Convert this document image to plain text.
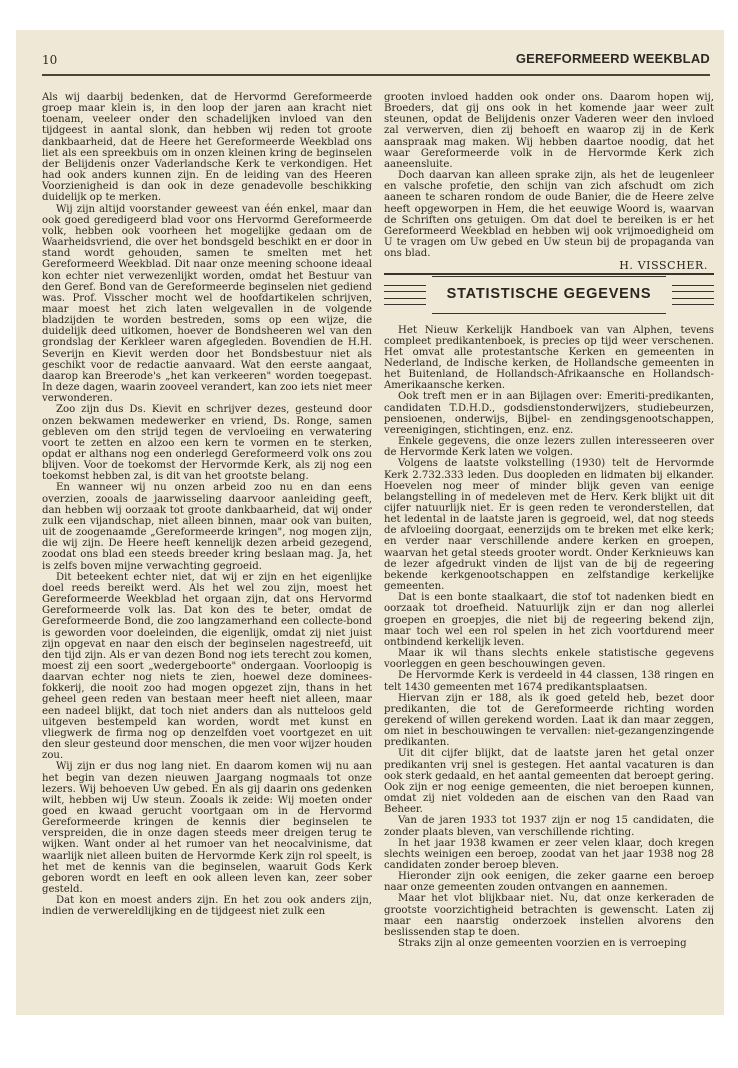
10	GEREFORMEERD WEEKBLAD

Als wij daarbij bedenken, dat de Hervormd Gereformeerde groep maar klein is, in den loop der jaren aan kracht niet toenam, veeleer onder den schadelijken invloed van den tijdgeest in aantal slonk, dan hebben wij reden tot groote dankbaarheid, dat de Heere het Gereformeerde Weekblad ons liet als een spreekbuis om in onzen kleinen kring de beginselen der Belijdenis onzer Vaderlandsche Kerk te verkondigen. Het had ook anders kunnen zijn. En de leiding van des Heeren Voorzienigheid is dan ook in deze genadevolle beschikking duidelijk op te merken.

Wij zijn altijd voorstander geweest van één enkel, maar dan ook goed geredigeerd blad voor ons Hervormd Gereformeerde volk, hebben ook voorheen het mogelijke gedaan om de Waarheidsvriend, die over het bondsgeld beschikt en er door in stand wordt gehouden, samen te smelten met het Gereformeerd Weekblad. Dit naar onze meening schoone ideaal kon echter niet verwezenlijkt worden, omdat het Bestuur van den Geref. Bond van de Gereformeerde beginselen niet gediend was. Prof. Visscher mocht wel de hoofdartikelen schrijven, maar moest het zich laten welgevallen in de volgende bladzijden te worden bestreden, soms op een wijze, die duidelijk deed uitkomen, hoever de Bondsheeren wel van den grondslag der Kerkleer waren afgegleden. Bovendien de H.H. Severijn en Kievit werden door het Bondsbestuur niet als geschikt voor de redactie aanvaard. Wat den eerste aangaat, daarop kan Breerode's „het kan verkeeren" worden toegepast. In deze dagen, waarin zooveel verandert, kan zoo iets niet meer verwonderen.

Zoo zijn dus Ds. Kievit en schrijver dezes, gesteund door onzen bekwamen medewerker en vriend, Ds. Ronge, samen gebleven om den strijd tegen de vervloeiing en verwatering voort te zetten en alzoo een kern te vormen en te sterken, opdat er althans nog een onderlegd Gereformeerd volk ons zou blijven. Voor de toekomst der Hervormde Kerk, als zij nog een toekomst hebben zal, is dit van het grootste belang.

En wanneer wij nu onzen arbeid zoo nu en dan eens overzien, zooals de jaarwisseling daarvoor aanleiding geeft, dan hebben wij oorzaak tot groote dankbaarheid, dat wij onder zulk een vijandschap, niet alleen binnen, maar ook van buiten, uit de zoogenaamde „Gereformeerde kringen", nog mogen zijn, die wij zijn. De Heere heeft kennelijk dezen arbeid gezegend, zoodat ons blad een steeds breeder kring beslaan mag. Ja, het is zelfs boven mijne verwachting gegroeid.

Dit beteekent echter niet, dat wij er zijn en het eigenlijke doel reeds bereikt werd. Als het wel zou zijn, moest het Gereformeerde Weekblad het orgaan zijn, dat ons Hervormd Gereformeerde volk las. Dat kon des te beter, omdat de Gereformeerde Bond, die zoo langzamerhand een collecte-bond is geworden voor doeleinden, die eigenlijk, omdat zij niet juist zijn opgevat en naar den eisch der beginselen nagestreefd, uit den tijd zijn. Als er van dezen Bond nog iets terecht zou komen, moest zij een soort „wedergeboorte" ondergaan. Voorloopig is daarvan echter nog niets te zien, hoewel deze dominees-fokkerij, die nooit zoo had mogen opgezet zijn, thans in het geheel geen reden van bestaan meer heeft niet alleen, maar een nadeel blijkt, dat toch niet anders dan als nutteloos geld uitgeven bestempeld kan worden, wordt met kunst en vliegwerk de firma nog op denzelfden voet voortgezet en uit den sleur gesteund door menschen, die men voor wijzer houden zou.

Wij zijn er dus nog lang niet. En daarom komen wij nu aan het begin van dezen nieuwen Jaargang nogmaals tot onze lezers. Wij behoeven Uw gebed. En als gij daarin ons gedenken wilt, hebben wij Uw steun. Zooals ik zeide: Wij moeten onder goed en kwaad gerucht voortgaan om in de Hervormd Gereformeerde kringen de kennis dier beginselen te verspreiden, die in onze dagen steeds meer dreigen terug te wijken. Want onder al het rumoer van het neocalvinisme, dat waarlijk niet alleen buiten de Hervormde Kerk zijn rol speelt, is het met de kennis van die beginselen, waaruit Gods Kerk geboren wordt en leeft en ook alleen leven kan, zeer sober gesteld.

Dat kon en moest anders zijn. En het zou ook anders zijn, indien de verwereldlijking en de tijdgeest niet zulk een

grooten invloed hadden ook onder ons. Daarom hopen wij, Broeders, dat gij ons ook in het komende jaar weer zult steunen, opdat de Belijdenis onzer Vaderen weer den invloed zal verwerven, dien zij behoeft en waarop zij in de Kerk aanspraak mag maken. Wij hebben daartoe noodig, dat het waar Gereformeerde volk in de Hervormde Kerk zich aaneensluite.

Doch daarvan kan alleen sprake zijn, als het de leugenleer en valsche profetie, den schijn van zich afschudt om zich aaneen te scharen rondom de oude Banier, die de Heere zelve heeft opgeworpen in Hem, die het eeuwige Woord is, waarvan de Schriften ons getuigen. Om dat doel te bereiken is er het Gereformeerd Weekblad en hebben wij ook vrijmoedigheid om U te vragen om Uw gebed en Uw steun bij de propaganda van ons blad.

H. VISSCHER.

STATISTISCHE GEGEVENS

Het Nieuw Kerkelijk Handboek van van Alphen, tevens compleet predikantenboek, is precies op tijd weer verschenen. Het omvat alle protestantsche Kerken en gemeenten in Nederland, de Indische kerken, de Hollandsche gemeenten in het Buitenland, de Hollandsch-Afrikaansche en Hollandsch-Amerikaansche kerken.

Ook treft men er in aan Bijlagen over: Emeriti-predikanten, candidaten T.D.H.D., godsdienstonderwijzers, studiebeurzen, pensioenen, onderwijs, Bijbel- en zendingsgenootschappen, vereenigingen, stichtingen, enz. enz.

Enkele gegevens, die onze lezers zullen interesseeren over de Hervormde Kerk laten we volgen.

Volgens de laatste volkstelling (1930) telt de Hervormde Kerk 2.732.333 leden. Dus doopleden en lidmaten bij elkander. Hoevelen nog meer of minder blijk geven van eenige belangstelling in of medeleven met de Herv. Kerk blijkt uit dit cijfer natuurlijk niet. Er is geen reden te veronderstellen, dat het ledental in de laatste jaren is gegroeid, wel, dat nog steeds de afvloeiing doorgaat, eenerzijds om te breken met elke kerk; en verder naar verschillende andere kerken en groepen, waarvan het getal steeds grooter wordt. Onder Kerknieuws kan de lezer afgedrukt vinden de lijst van de bij de regeering bekende kerkgenootschappen en zelfstandige kerkelijke gemeenten.

Dat is een bonte staalkaart, die stof tot nadenken biedt en oorzaak tot droefheid. Natuurlijk zijn er dan nog allerlei groepen en groepjes, die niet bij de regeering bekend zijn, maar toch wel een rol spelen in het zich voortdurend meer ontbindend kerkelijk leven.

Maar ik wil thans slechts enkele statistische gegevens voorleggen en geen beschouwingen geven.

De Hervormde Kerk is verdeeld in 44 classen, 138 ringen en telt 1430 gemeenten met 1674 predikantsplaatsen.

Hiervan zijn er 188, als ik goed geteld heb, bezet door predikanten, die tot de Gereformeerde richting worden gerekend of willen gerekend worden. Laat ik dan maar zeggen, om niet in beschouwingen te vervallen: niet-gezangenzingende predikanten.

Uit dit cijfer blijkt, dat de laatste jaren het getal onzer predikanten vrij snel is gestegen. Het aantal vacaturen is dan ook sterk gedaald, en het aantal gemeenten dat beroept gering. Ook zijn er nog eenige gemeenten, die niet beroepen kunnen, omdat zij niet voldeden aan de eischen van den Raad van Beheer.

Van de jaren 1933 tot 1937 zijn er nog 15 candidaten, die zonder plaats bleven, van verschillende richting.

In het jaar 1938 kwamen er zeer velen klaar, doch kregen slechts weinigen een beroep, zoodat van het jaar 1938 nog 28 candidaten zonder beroep bleven.

Hieronder zijn ook eenigen, die zeker gaarne een beroep naar onze gemeenten zouden ontvangen en aannemen.

Maar het vlot blijkbaar niet. Nu, dat onze kerkeraden de grootste voorzichtigheid betrachten is gewenscht. Laten zij maar een naarstig onderzoek instellen alvorens den beslissenden stap te doen.

Straks zijn al onze gemeenten voorzien en is verroeping
